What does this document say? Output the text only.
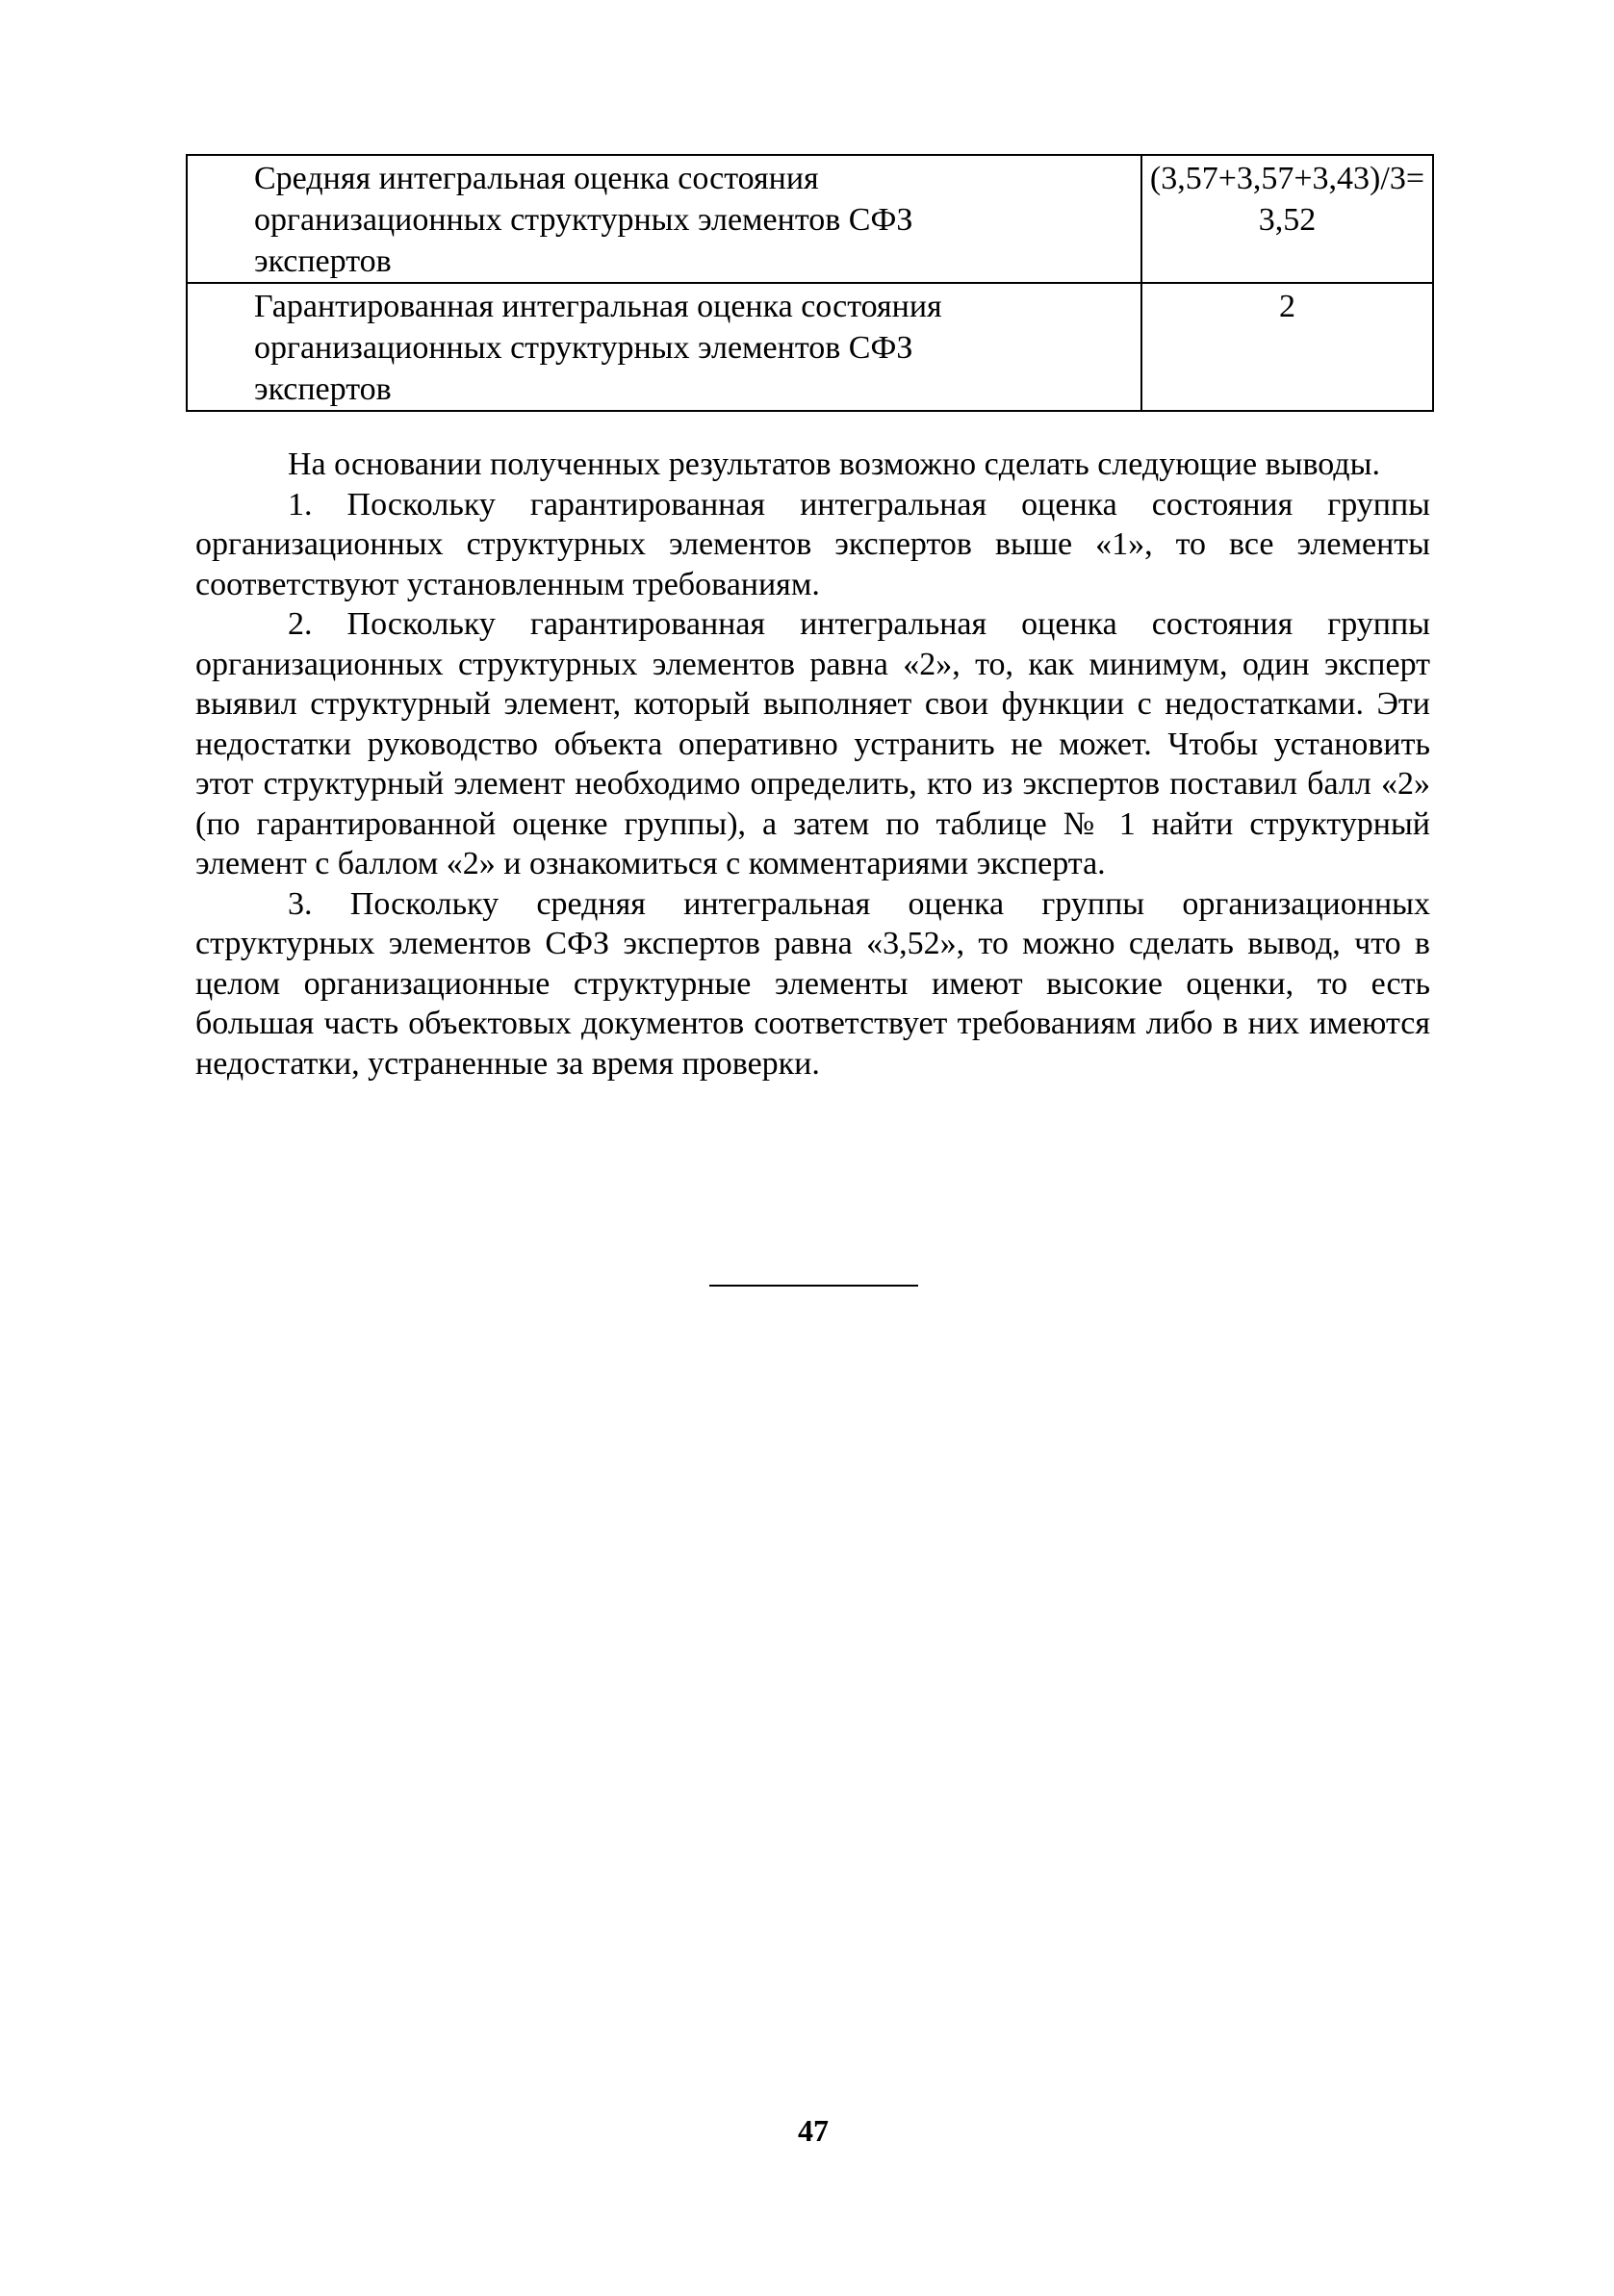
Средняя интегральная оценка состояния
организационных структурных элементов СФЗ
экспертов	(3,57+3,57+3,43)/3=
3,52

Гарантированная интегральная оценка состояния
организационных структурных элементов СФЗ
экспертов	2

На основании полученных результатов возможно сделать следующие выводы.

1. Поскольку гарантированная интегральная оценка состояния группы организационных структурных элементов экспертов выше «1», то все элементы соответствуют установленным требованиям.

2. Поскольку гарантированная интегральная оценка состояния группы организационных структурных элементов равна «2», то, как минимум, один эксперт выявил структурный элемент, который выполняет свои функции с недостатками. Эти недостатки руководство объекта оперативно устранить не может. Чтобы установить этот структурный элемент необходимо определить, кто из экспертов поставил балл «2» (по гарантированной оценке группы), а затем по таблице № 1 найти структурный элемент с баллом «2» и ознакомиться с комментариями эксперта.

3. Поскольку средняя интегральная оценка группы организационных структурных элементов СФЗ экспертов равна «3,52», то можно сделать вывод, что в целом организационные структурные элементы имеют высокие оценки, то есть большая часть объектовых документов соответствует требованиям либо в них имеются недостатки, устраненные за время проверки.

47
